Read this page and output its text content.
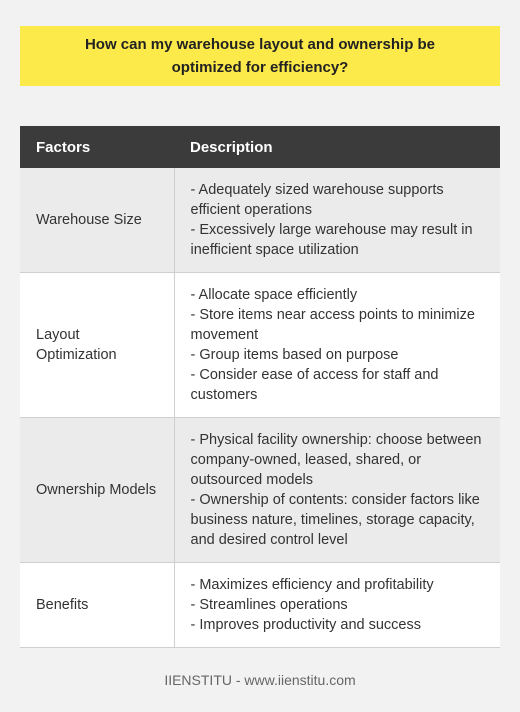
How can my warehouse layout and ownership be optimized for efficiency?
Factors	Description
Warehouse Size	- Adequately sized warehouse supports efficient operations
- Excessively large warehouse may result in inefficient space utilization

Layout Optimization	- Allocate space efficiently
- Store items near access points to minimize movement
- Group items based on purpose
- Consider ease of access for staff and customers

Ownership Models	- Physical facility ownership: choose between company-owned, leased, shared, or outsourced models
- Ownership of contents: consider factors like business nature, timelines, storage capacity, and desired control level

Benefits	- Maximizes efficiency and profitability
- Streamlines operations
- Improves productivity and success
IIENSTITU - www.iienstitu.com
